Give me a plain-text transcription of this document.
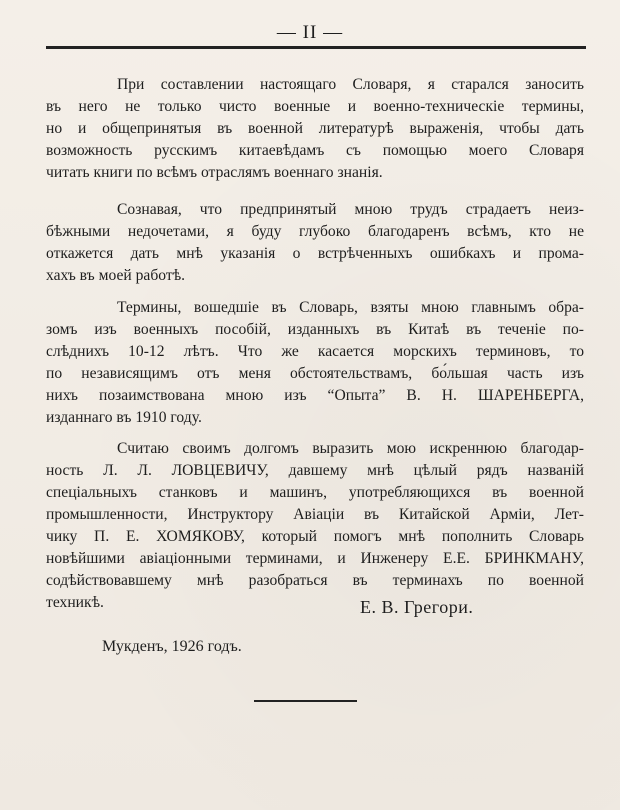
— II —
При составлении настоящаго Словаря, я старался заносить
въ него не только чисто военные и военно-техническіе термины,
но и общепринятыя въ военной литературѣ выраженія, чтобы дать
возможность русскимъ китаевѣдамъ съ помощью моего Словаря
читать книги по всѣмъ отраслямъ военнаго знанія.
Сознавая, что предпринятый мною трудъ страдаетъ неиз-
бѣжными недочетами, я буду глубоко благодаренъ всѣмъ, кто не
откажется дать мнѣ указанія о встрѣченныхъ ошибкахъ и прома-
хахъ въ моей работѣ.
Термины, вошедшіе въ Словарь, взяты мною главнымъ обра-
зомъ изъ военныхъ пособій, изданныхъ въ Китаѣ въ теченіе по-
слѣднихъ 10-12 лѣтъ. Что же касается морскихъ терминовъ, то
по независящимъ отъ меня обстоятельствамъ, бо́льшая часть изъ
нихъ позаимствована мною изъ “Опыта” В. Н. ШАРЕНБЕРГА,
изданнаго въ 1910 году.
Считаю своимъ долгомъ выразить мою искреннюю благодар-
ность Л. Л. ЛОВЦЕВИЧУ, давшему мнѣ цѣлый рядъ названій
спеціальныхъ станковъ и машинъ, употребляющихся въ военной
промышленности, Инструктору Авіаціи въ Китайской Арміи, Лет-
чику П. Е. ХОМЯКОВУ, который помогъ мнѣ пополнить Словарь
новѣйшими авіаціонными терминами, и Инженеру Е.Е. БРИНКМАНУ,
содѣйствовавшему мнѣ разобраться въ терминахъ по военной
техникѣ.	Е. В. Грегори.
Мукденъ, 1926 годъ.
